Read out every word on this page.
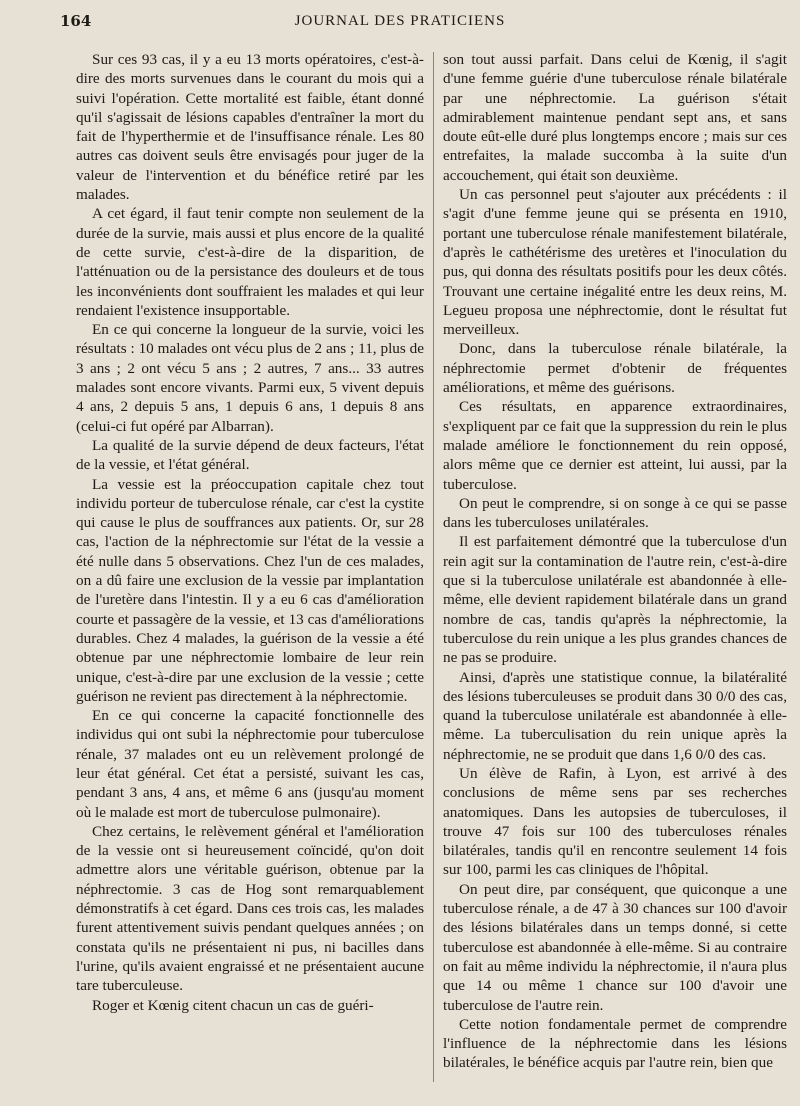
164	JOURNAL DES PRATICIENS

Sur ces 93 cas, il y a eu 13 morts opératoires, c'est-à-dire des morts survenues dans le courant du mois qui a suivi l'opération. Cette mortalité est faible, étant donné qu'il s'agissait de lésions capables d'entraîner la mort du fait de l'hyperthermie et de l'insuffisance rénale. Les 80 autres cas doivent seuls être envisagés pour juger de la valeur de l'intervention et du bénéfice retiré par les malades.

A cet égard, il faut tenir compte non seulement de la durée de la survie, mais aussi et plus encore de la qualité de cette survie, c'est-à-dire de la disparition, de l'atténuation ou de la persistance des douleurs et de tous les inconvénients dont souffraient les malades et qui leur rendaient l'existence insupportable.

En ce qui concerne la longueur de la survie, voici les résultats : 10 malades ont vécu plus de 2 ans ; 11, plus de 3 ans ; 2 ont vécu 5 ans ; 2 autres, 7 ans... 33 autres malades sont encore vivants. Parmi eux, 5 vivent depuis 4 ans, 2 depuis 5 ans, 1 depuis 6 ans, 1 depuis 8 ans (celui-ci fut opéré par Albarran).

La qualité de la survie dépend de deux facteurs, l'état de la vessie, et l'état général.

La vessie est la préoccupation capitale chez tout individu porteur de tuberculose rénale, car c'est la cystite qui cause le plus de souffrances aux patients. Or, sur 28 cas, l'action de la néphrectomie sur l'état de la vessie a été nulle dans 5 observations. Chez l'un de ces malades, on a dû faire une exclusion de la vessie par implantation de l'uretère dans l'intestin. Il y a eu 6 cas d'amélioration courte et passagère de la vessie, et 13 cas d'améliorations durables. Chez 4 malades, la guérison de la vessie a été obtenue par une néphrectomie lombaire de leur rein unique, c'est-à-dire par une exclusion de la vessie ; cette guérison ne revient pas directement à la néphrectomie.

En ce qui concerne la capacité fonctionnelle des individus qui ont subi la néphrectomie pour tuberculose rénale, 37 malades ont eu un relèvement prolongé de leur état général. Cet état a persisté, suivant les cas, pendant 3 ans, 4 ans, et même 6 ans (jusqu'au moment où le malade est mort de tuberculose pulmonaire).

Chez certains, le relèvement général et l'amélioration de la vessie ont si heureusement coïncidé, qu'on doit admettre alors une véritable guérison, obtenue par la néphrectomie. 3 cas de Hog sont remarquablement démonstratifs à cet égard. Dans ces trois cas, les malades furent attentivement suivis pendant quelques années ; on constata qu'ils ne présentaient ni pus, ni bacilles dans l'urine, qu'ils avaient engraissé et ne présentaient aucune tare tuberculeuse.

Roger et Kœnig citent chacun un cas de guéri-

son tout aussi parfait. Dans celui de Kœnig, il s'agit d'une femme guérie d'une tuberculose rénale bilatérale par une néphrectomie. La guérison s'était admirablement maintenue pendant sept ans, et sans doute eût-elle duré plus longtemps encore ; mais sur ces entrefaites, la malade succomba à la suite d'un accouchement, qui était son deuxième.

Un cas personnel peut s'ajouter aux précédents : il s'agit d'une femme jeune qui se présenta en 1910, portant une tuberculose rénale manifestement bilatérale, d'après le cathétérisme des uretères et l'inoculation du pus, qui donna des résultats positifs pour les deux côtés. Trouvant une certaine inégalité entre les deux reins, M. Legueu proposa une néphrectomie, dont le résultat fut merveilleux.

Donc, dans la tuberculose rénale bilatérale, la néphrectomie permet d'obtenir de fréquentes améliorations, et même des guérisons.

Ces résultats, en apparence extraordinaires, s'expliquent par ce fait que la suppression du rein le plus malade améliore le fonctionnement du rein opposé, alors même que ce dernier est atteint, lui aussi, par la tuberculose.

On peut le comprendre, si on songe à ce qui se passe dans les tuberculoses unilatérales.

Il est parfaitement démontré que la tuberculose d'un rein agit sur la contamination de l'autre rein, c'est-à-dire que si la tuberculose unilatérale est abandonnée à elle-même, elle devient rapidement bilatérale dans un grand nombre de cas, tandis qu'après la néphrectomie, la tuberculose du rein unique a les plus grandes chances de ne pas se produire.

Ainsi, d'après une statistique connue, la bilatéralité des lésions tuberculeuses se produit dans 30 0/0 des cas, quand la tuberculose unilatérale est abandonnée à elle-même. La tuberculisation du rein unique après la néphrectomie, ne se produit que dans 1,6 0/0 des cas.

Un élève de Rafin, à Lyon, est arrivé à des conclusions de même sens par ses recherches anatomiques. Dans les autopsies de tuberculoses, il trouve 47 fois sur 100 des tuberculoses rénales bilatérales, tandis qu'il en rencontre seulement 14 fois sur 100, parmi les cas cliniques de l'hôpital.

On peut dire, par conséquent, que quiconque a une tuberculose rénale, a de 47 à 30 chances sur 100 d'avoir des lésions bilatérales dans un temps donné, si cette tuberculose est abandonnée à elle-même. Si au contraire on fait au même individu la néphrectomie, il n'aura plus que 14 ou même 1 chance sur 100 d'avoir une tuberculose de l'autre rein.

Cette notion fondamentale permet de comprendre l'influence de la néphrectomie dans les lésions bilatérales, le bénéfice acquis par l'autre rein, bien que
